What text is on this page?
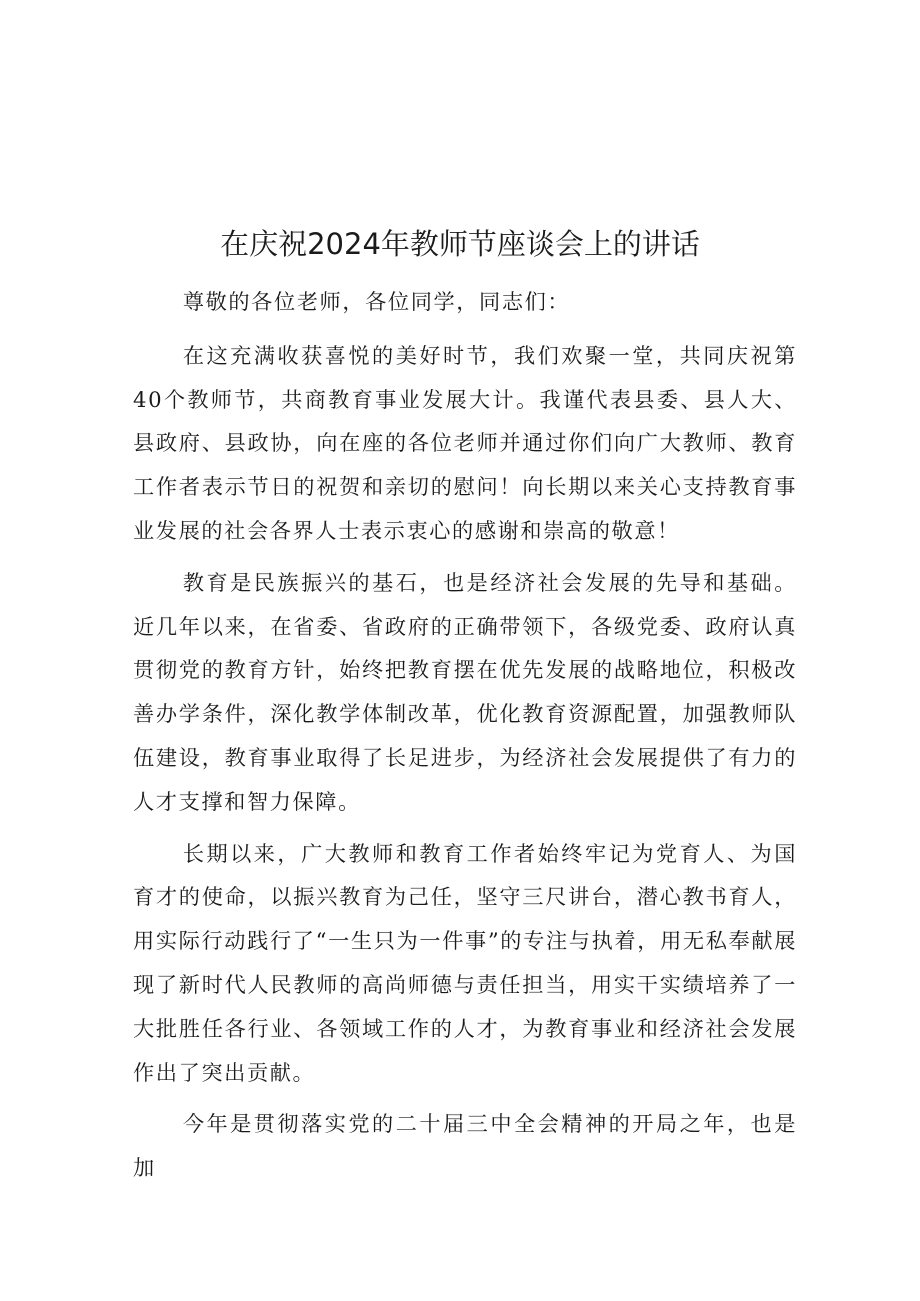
在庆祝2024年教师节座谈会上的讲话

尊敬的各位老师，各位同学，同志们：

在这充满收获喜悦的美好时节，我们欢聚一堂，共同庆祝第40个教师节，共商教育事业发展大计。我谨代表县委、县人大、县政府、县政协，向在座的各位老师并通过你们向广大教师、教育工作者表示节日的祝贺和亲切的慰问！向长期以来关心支持教育事业发展的社会各界人士表示衷心的感谢和崇高的敬意！

教育是民族振兴的基石，也是经济社会发展的先导和基础。近几年以来，在省委、省政府的正确带领下，各级党委、政府认真贯彻党的教育方针，始终把教育摆在优先发展的战略地位，积极改善办学条件，深化教学体制改革，优化教育资源配置，加强教师队伍建设，教育事业取得了长足进步，为经济社会发展提供了有力的人才支撑和智力保障。

长期以来，广大教师和教育工作者始终牢记为党育人、为国育才的使命，以振兴教育为己任，坚守三尺讲台，潜心教书育人，用实际行动践行了“一生只为一件事”的专注与执着，用无私奉献展现了新时代人民教师的高尚师德与责任担当，用实干实绩培养了一大批胜任各行业、各领域工作的人才，为教育事业和经济社会发展作出了突出贡献。

今年是贯彻落实党的二十届三中全会精神的开局之年，也是加
